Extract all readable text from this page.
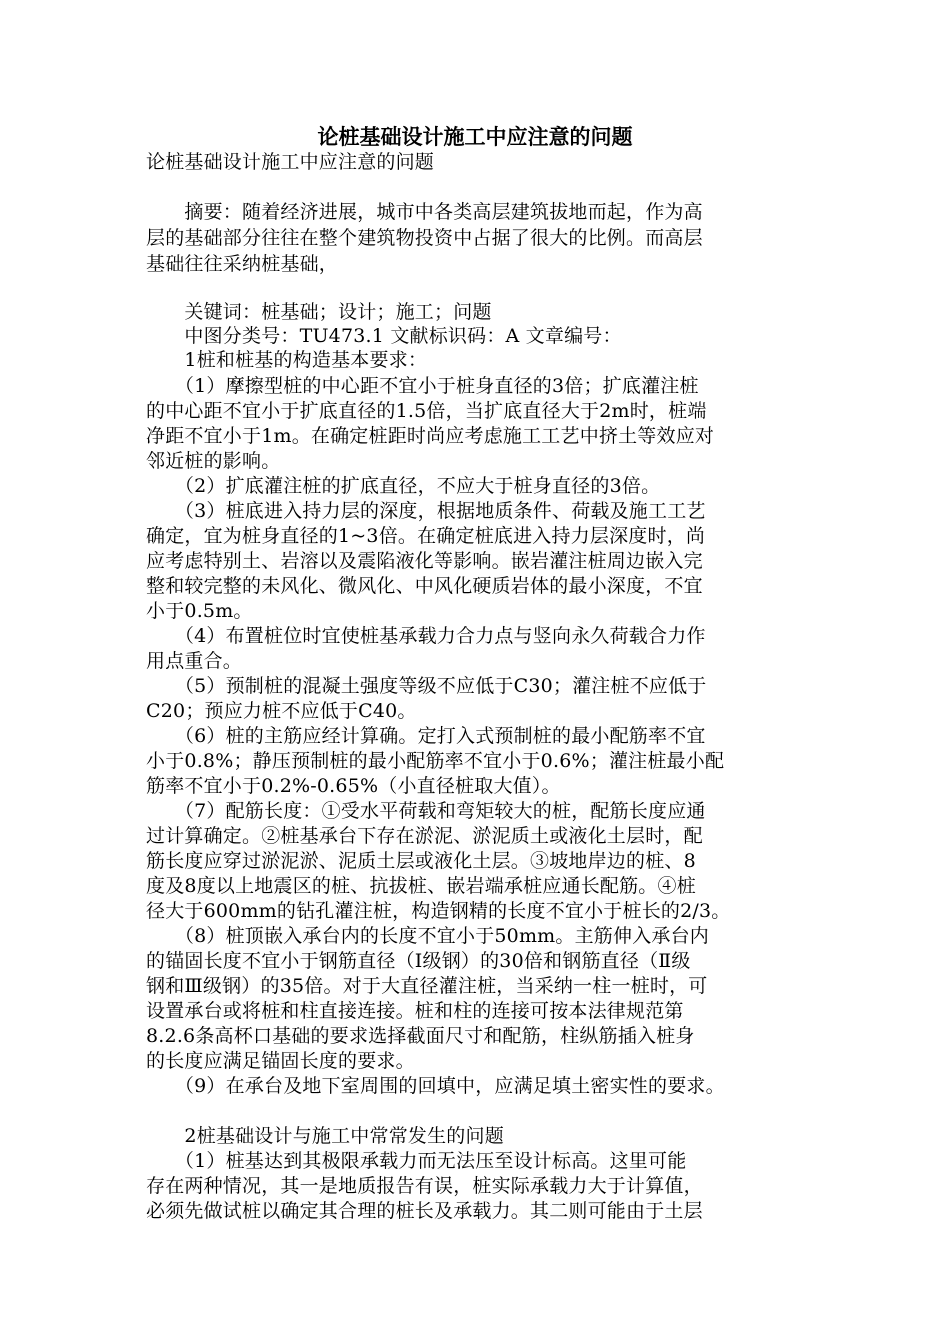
论桩基础设计施工中应注意的问题
论桩基础设计施工中应注意的问题
　　摘要：随着经济进展，城市中各类高层建筑拔地而起，作为高
层的基础部分往往在整个建筑物投资中占据了很大的比例。而高层
基础往往采纳桩基础，
　　关键词：桩基础；设计；施工；问题
　　中图分类号：TU473.1 文献标识码：A 文章编号：
　　1桩和桩基的构造基本要求：
　　（1）摩擦型桩的中心距不宜小于桩身直径的3倍；扩底灌注桩
的中心距不宜小于扩底直径的1.5倍，当扩底直径大于2m时，桩端
净距不宜小于1m。在确定桩距时尚应考虑施工工艺中挤土等效应对
邻近桩的影响。
　　（2）扩底灌注桩的扩底直径，不应大于桩身直径的3倍。
　　（3）桩底进入持力层的深度，根据地质条件、荷载及施工工艺
确定，宜为桩身直径的1~3倍。在确定桩底进入持力层深度时，尚
应考虑特别土、岩溶以及震陷液化等影响。嵌岩灌注桩周边嵌入完
整和较完整的未风化、微风化、中风化硬质岩体的最小深度，不宜
小于0.5m。
　　（4）布置桩位时宜使桩基承载力合力点与竖向永久荷载合力作
用点重合。
　　（5）预制桩的混凝土强度等级不应低于C30；灌注桩不应低于
C20；预应力桩不应低于C40。
　　（6）桩的主筋应经计算确。定打入式预制桩的最小配筋率不宜
小于0.8%；静压预制桩的最小配筋率不宜小于0.6%；灌注桩最小配
筋率不宜小于0.2%-0.65%（小直径桩取大值）。
　　（7）配筋长度：①受水平荷载和弯矩较大的桩，配筋长度应通
过计算确定。②桩基承台下存在淤泥、淤泥质土或液化土层时，配
筋长度应穿过淤泥淤、泥质土层或液化土层。③坡地岸边的桩、8
度及8度以上地震区的桩、抗拔桩、嵌岩端承桩应通长配筋。④桩
径大于600mm的钻孔灌注桩，构造钢精的长度不宜小于桩长的2/3。
　　（8）桩顶嵌入承台内的长度不宜小于50mm。主筋伸入承台内
的锚固长度不宜小于钢筋直径（Ⅰ级钢）的30倍和钢筋直径（Ⅱ级
钢和Ⅲ级钢）的35倍。对于大直径灌注桩，当采纳一柱一桩时，可
设置承台或将桩和柱直接连接。桩和柱的连接可按本法律规范第
8.2.6条高杯口基础的要求选择截面尺寸和配筋，柱纵筋插入桩身
的长度应满足锚固长度的要求。
　　（9）在承台及地下室周围的回填中，应满足填土密实性的要求。
　　2桩基础设计与施工中常常发生的问题
　　（1）桩基达到其极限承载力而无法压至设计标高。这里可能
存在两种情况，其一是地质报告有误，桩实际承载力大于计算值，
必须先做试桩以确定其合理的桩长及承载力。其二则可能由于土层
